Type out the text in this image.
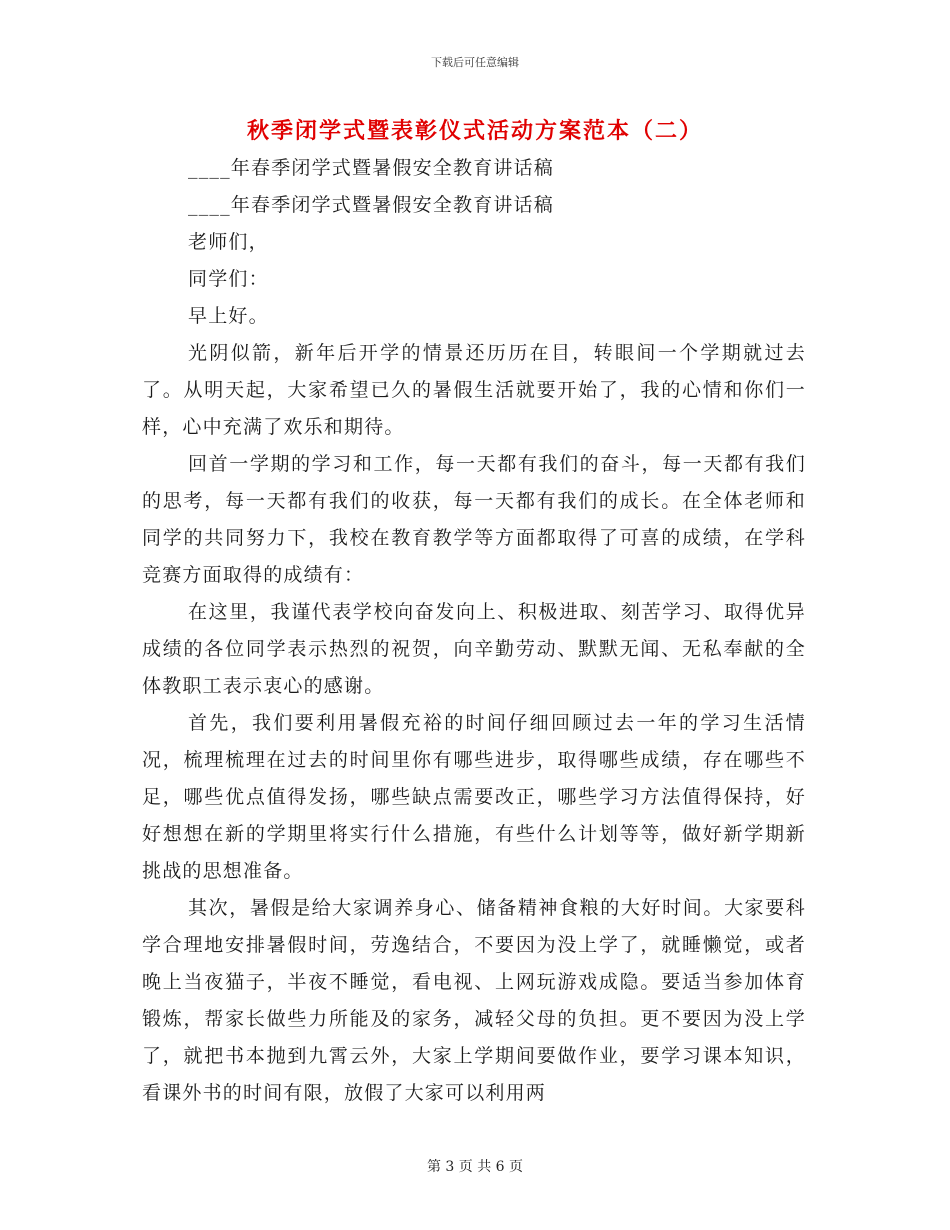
下载后可任意编辑
秋季闭学式暨表彰仪式活动方案范本（二）

____年春季闭学式暨暑假安全教育讲话稿

____年春季闭学式暨暑假安全教育讲话稿

老师们，

同学们：

早上好。

光阴似箭，新年后开学的情景还历历在目，转眼间一个学期就过去了。从明天起，大家希望已久的暑假生活就要开始了，我的心情和你们一样，心中充满了欢乐和期待。

回首一学期的学习和工作，每一天都有我们的奋斗，每一天都有我们的思考，每一天都有我们的收获，每一天都有我们的成长。在全体老师和同学的共同努力下，我校在教育教学等方面都取得了可喜的成绩，在学科竞赛方面取得的成绩有：

在这里，我谨代表学校向奋发向上、积极进取、刻苦学习、取得优异成绩的各位同学表示热烈的祝贺，向辛勤劳动、默默无闻、无私奉献的全体教职工表示衷心的感谢。

首先，我们要利用暑假充裕的时间仔细回顾过去一年的学习生活情况，梳理梳理在过去的时间里你有哪些进步，取得哪些成绩，存在哪些不足，哪些优点值得发扬，哪些缺点需要改正，哪些学习方法值得保持，好好想想在新的学期里将实行什么措施，有些什么计划等等，做好新学期新挑战的思想准备。

其次，暑假是给大家调养身心、储备精神食粮的大好时间。大家要科学合理地安排暑假时间，劳逸结合，不要因为没上学了，就睡懒觉，或者晚上当夜猫子，半夜不睡觉，看电视、上网玩游戏成隐。要适当参加体育锻炼，帮家长做些力所能及的家务，减轻父母的负担。更不要因为没上学了，就把书本抛到九霄云外，大家上学期间要做作业，要学习课本知识，看课外书的时间有限，放假了大家可以利用两

第 3 页 共 6 页
